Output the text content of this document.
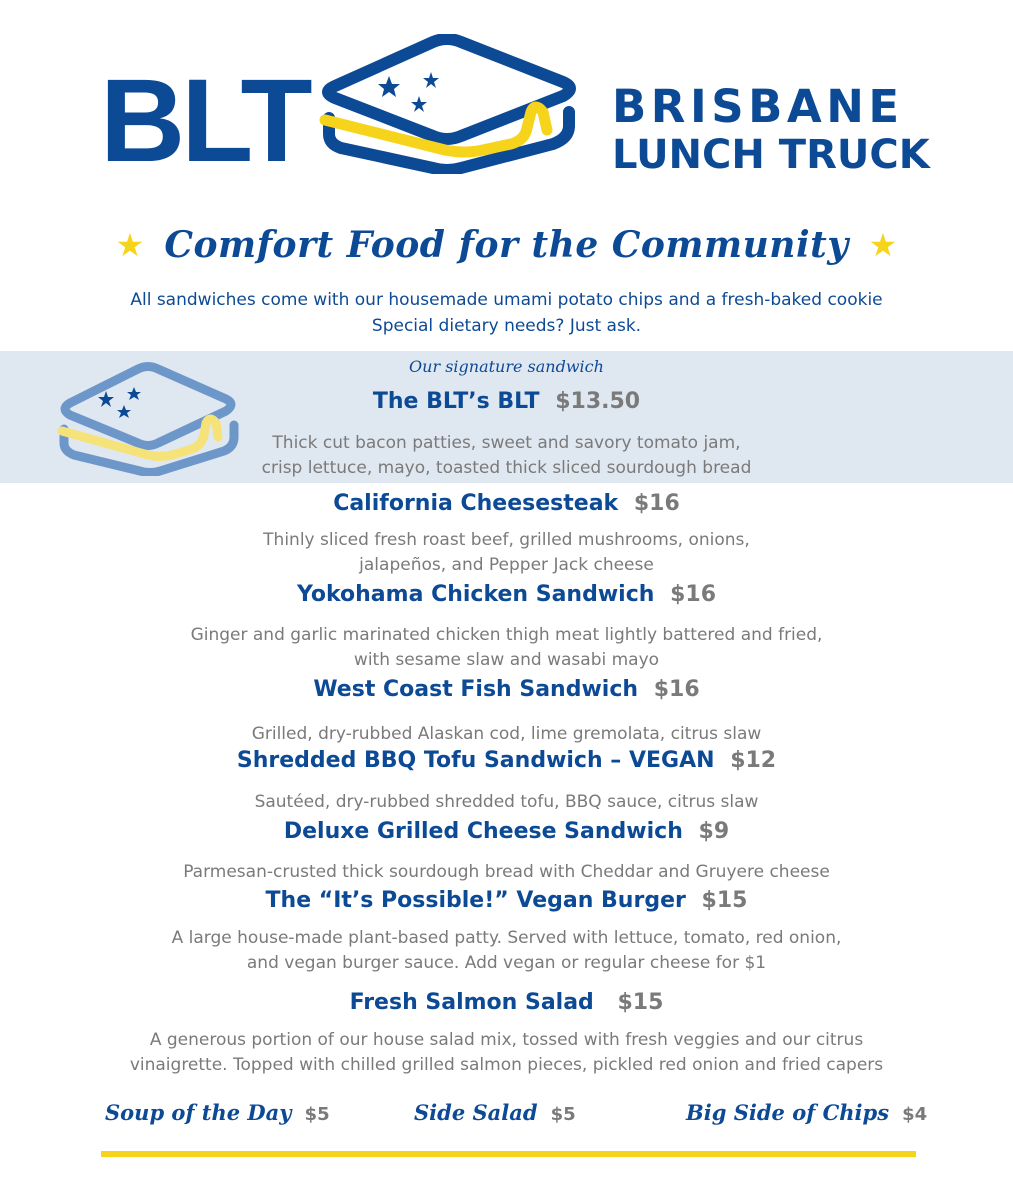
BLT	BRISBANE
LUNCH TRUCK
★ Comfort Food for the Community ★
All sandwiches come with our housemade umami potato chips and a fresh-baked cookie
Special dietary needs? Just ask.
Our signature sandwich
The BLT’s BLT $13.50
Thick cut bacon patties, sweet and savory tomato jam,
crisp lettuce, mayo, toasted thick sliced sourdough bread
California Cheesesteak $16
Thinly sliced fresh roast beef, grilled mushrooms, onions,
jalapeños, and Pepper Jack cheese
Yokohama Chicken Sandwich $16
Ginger and garlic marinated chicken thigh meat lightly battered and fried,
with sesame slaw and wasabi mayo
West Coast Fish Sandwich $16
Grilled, dry-rubbed Alaskan cod, lime gremolata, citrus slaw
Shredded BBQ Tofu Sandwich – VEGAN $12
Sautéed, dry-rubbed shredded tofu, BBQ sauce, citrus slaw
Deluxe Grilled Cheese Sandwich $9
Parmesan-crusted thick sourdough bread with Cheddar and Gruyere cheese
The “It’s Possible!” Vegan Burger $15
A large house-made plant-based patty. Served with lettuce, tomato, red onion,
and vegan burger sauce. Add vegan or regular cheese for $1
Fresh Salmon Salad $15
A generous portion of our house salad mix, tossed with fresh veggies and our citrus
vinaigrette. Topped with chilled grilled salmon pieces, pickled red onion and fried capers
Soup of the Day $5	Side Salad $5	Big Side of Chips $4
